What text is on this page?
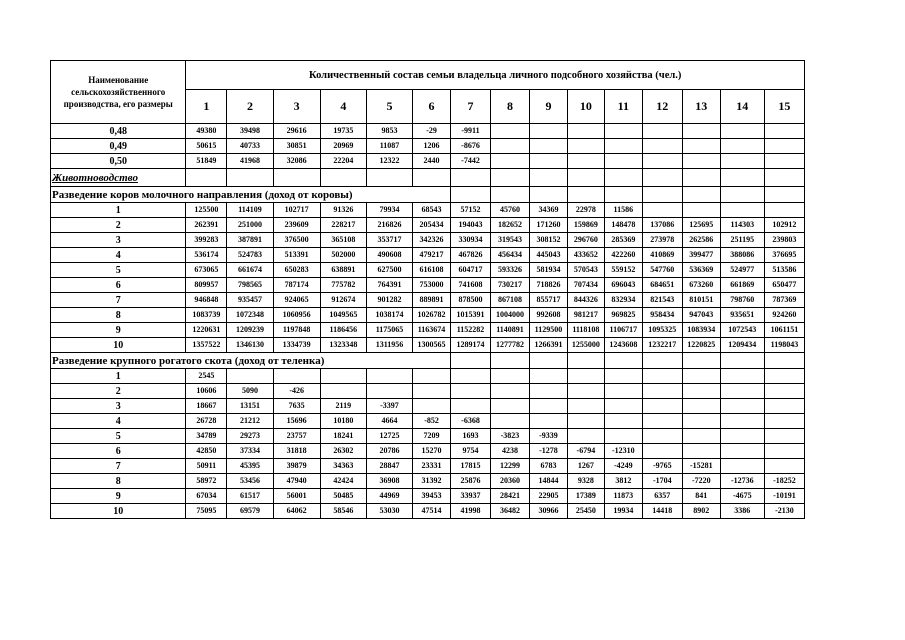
Наименование сельскохозяйственного производства, его размеры	Количественный состав семьи владельца личного подсобного хозяйства (чел.)														
	1	2	3	4	5	6	7	8	9	10	11	12	13	14	15
0,48	49380	39498	29616	19735	9853	-29	-9911								
0,49	50615	40733	30851	20969	11087	1206	-8676								
0,50	51849	41968	32086	22204	12322	2440	-7442								
Животноводство															
Разведение коров молочного направления (доход от коровы)															
1	125500	114109	102717	91326	79934	68543	57152	45760	34369	22978	11586				
2	262391	251000	239609	228217	216826	205434	194043	182652	171260	159869	148478	137086	125695	114303	102912
3	399283	387891	376500	365108	353717	342326	330934	319543	308152	296760	285369	273978	262586	251195	239803
4	536174	524783	513391	502000	490608	479217	467826	456434	445043	433652	422260	410869	399477	388086	376695
5	673065	661674	650283	638891	627500	616108	604717	593326	581934	570543	559152	547760	536369	524977	513586
6	809957	798565	787174	775782	764391	753000	741608	730217	718826	707434	696043	684651	673260	661869	650477
7	946848	935457	924065	912674	901282	889891	878500	867108	855717	844326	832934	821543	810151	798760	787369
8	1083739	1072348	1060956	1049565	1038174	1026782	1015391	1004000	992608	981217	969825	958434	947043	935651	924260
9	1220631	1209239	1197848	1186456	1175065	1163674	1152282	1140891	1129500	1118108	1106717	1095325	1083934	1072543	1061151
10	1357522	1346130	1334739	1323348	1311956	1300565	1289174	1277782	1266391	1255000	1243608	1232217	1220825	1209434	1198043
Разведение крупного рогатого скота (доход от теленка)															
1	2545														
2	10606	5090	-426												
3	18667	13151	7635	2119	-3397										
4	26728	21212	15696	10180	4664	-852	-6368								
5	34789	29273	23757	18241	12725	7209	1693	-3823	-9339						
6	42850	37334	31818	26302	20786	15270	9754	4238	-1278	-6794	-12310				
7	50911	45395	39879	34363	28847	23331	17815	12299	6783	1267	-4249	-9765	-15281		
8	58972	53456	47940	42424	36908	31392	25876	20360	14844	9328	3812	-1704	-7220	-12736	-18252
9	67034	61517	56001	50485	44969	39453	33937	28421	22905	17389	11873	6357	841	-4675	-10191
10	75095	69579	64062	58546	53030	47514	41998	36482	30966	25450	19934	14418	8902	3386	-2130
